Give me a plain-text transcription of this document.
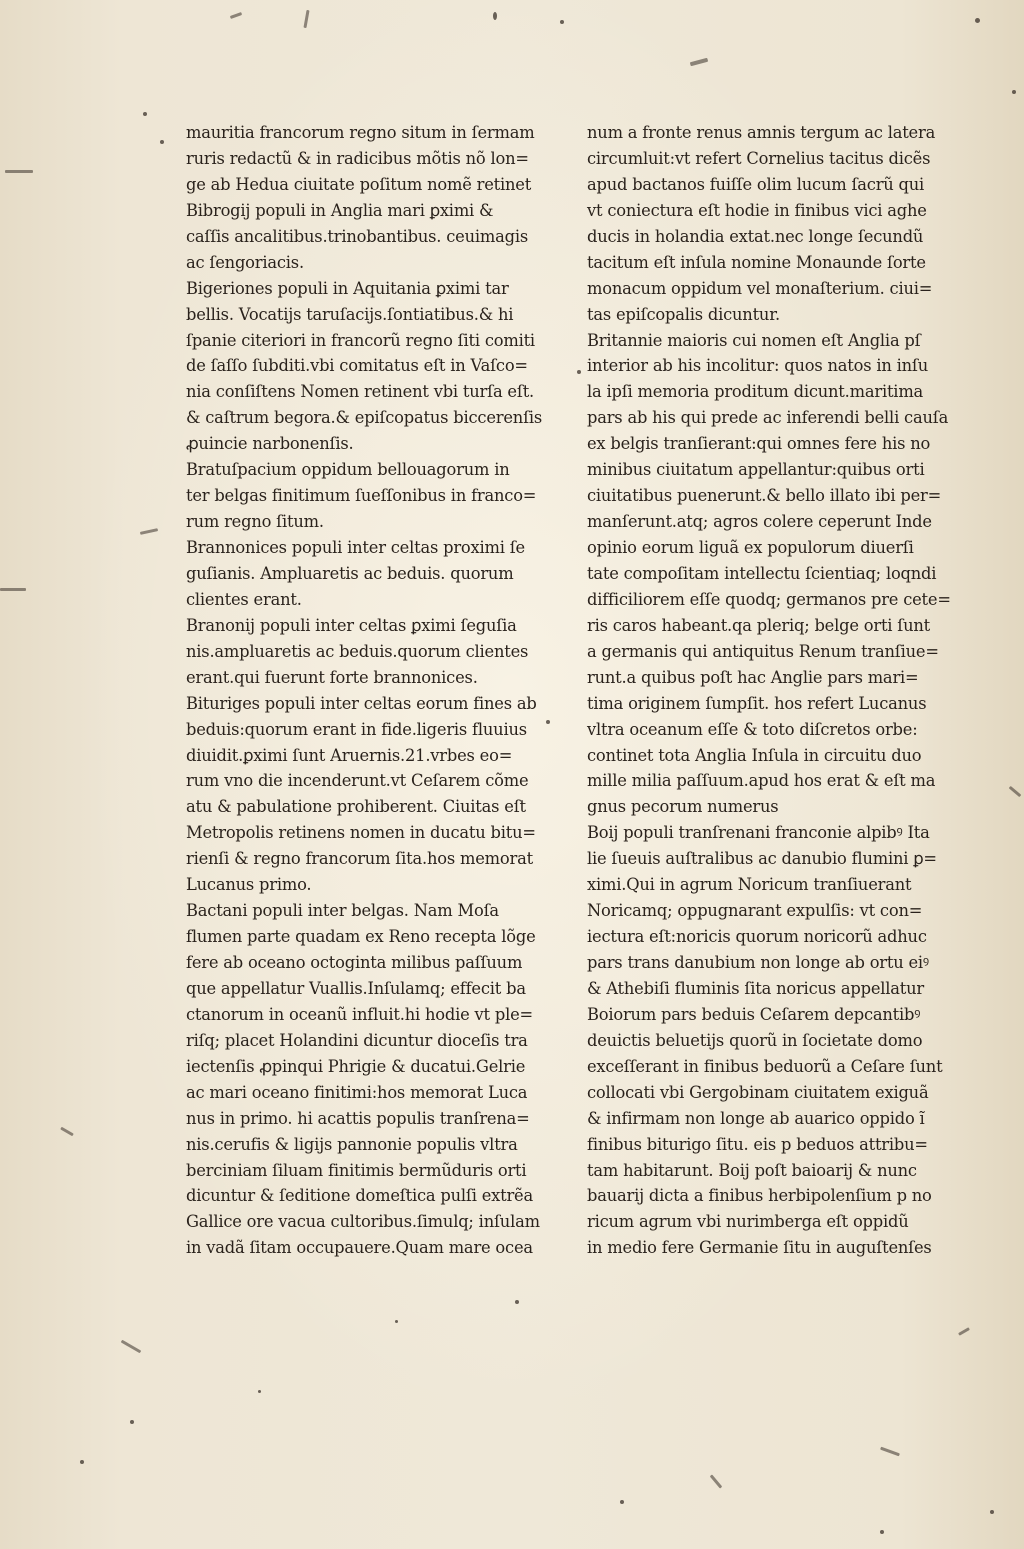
mauritia francorum regno situm in ſermam
ruris redactũ & in radicibus mõtis nõ lon=
ge ab Hedua ciuitate poſitum nomẽ retinet
Bibrogij populi in Anglia mari ꝑximi &
caſſis ancalitibus.trinobantibus. ceuimagis
ac ſengoriacis.
Bigeriones populi in Aquitania ꝑximi tar
bellis. Vocatijs taruſacijs.ſontiatibus.& hi
ſpanie citeriori in francorũ regno ſiti comiti
de ſaſſo ſubditi.vbi comitatus eſt in Vaſco=
nia conſiſtens Nomen retinent vbi turſa eſt.
& caſtrum begora.& epiſcopatus biccerenſis
ꝓuincie narbonenſis.
Bratuſpacium oppidum bellouagorum in
ter belgas finitimum ſueſſonibus in franco=
rum regno ſitum.
Brannonices populi inter celtas proximi ſe
guſianis. Ampluaretis ac beduis. quorum
clientes erant.
Branonij populi inter celtas ꝑximi ſeguſia
nis.ampluaretis ac beduis.quorum clientes
erant.qui fuerunt forte brannonices.
Bituriges populi inter celtas eorum fines ab
beduis:quorum erant in fide.ligeris fluuius
diuidit.ꝑximi ſunt Aruernis.21.vrbes eo=
rum vno die incenderunt.vt Ceſarem cõme
atu & pabulatione prohiberent. Ciuitas eſt
Metropolis retinens nomen in ducatu bitu=
rienſi & regno francorum ſita.hos memorat
Lucanus primo.
Bactani populi inter belgas. Nam Moſa
flumen parte quadam ex Reno recepta lõge
fere ab oceano octoginta milibus paſſuum
que appellatur Vuallis.Inſulamq; effecit ba
ctanorum in oceanũ influit.hi hodie vt ple=
riſq; placet Holandini dicuntur dioceſis tra
iectenſis ꝓpinqui Phrigie & ducatui.Gelrie
ac mari oceano finitimi:hos memorat Luca
nus in primo. hi acattis populis tranſrena=
nis.cerufis & ligijs pannonie populis vltra
berciniam ſiluam finitimis bermũduris orti
dicuntur & ſeditione domeſtica pulſi extrẽa
Gallice ore vacua cultoribus.ſimulq; inſulam
in vadã ſitam occupauere.Quam mare ocea
num a fronte renus amnis tergum ac latera
circumluit:vt refert Cornelius tacitus dicẽs
apud bactanos fuiſſe olim lucum ſacrũ qui
vt coniectura eſt hodie in finibus vici aghe
ducis in holandia extat.nec longe ſecundũ
tacitum eſt inſula nomine Monaunde ſorte
monacum oppidum vel monaſterium. ciui=
tas epiſcopalis dicuntur.
Britannie maioris cui nomen eſt Anglia pſ
interior ab his incolitur: quos natos in inſu
la ipſi memoria proditum dicunt.maritima
pars ab his qui prede ac inferendi belli cauſa
ex belgis tranſierant:qui omnes fere his no
minibus ciuitatum appellantur:quibus orti
ciuitatibus puenerunt.& bello illato ibi per=
manſerunt.atq; agros colere ceperunt Inde
opinio eorum liguã ex populorum diuerſi
tate compoſitam intellectu ſcientiaq; loqndi
difficiliorem eſſe quodq; germanos pre cete=
ris caros habeant.qa pleriq; belge orti ſunt
a germanis qui antiquitus Renum tranſiue=
runt.a quibus poſt hac Anglie pars mari=
tima originem ſumpſit. hos refert Lucanus
vltra oceanum eſſe & toto diſcretos orbe:
continet tota Anglia Inſula in circuitu duo
mille milia paſſuum.apud hos erat & eſt ma
gnus pecorum numerus
Boij populi tranſrenani franconie alpibꝰ Ita
lie ſueuis auſtralibus ac danubio flumini ꝑ=
ximi.Qui in agrum Noricum tranſiuerant
Noricamq; oppugnarant expulſis: vt con=
iectura eſt:noricis quorum noricorũ adhuc
pars trans danubium non longe ab ortu eiꝰ
& Athebiſi fluminis ſita noricus appellatur
Boiorum pars beduis Ceſarem depcantibꝰ
deuictis beluetijs quorũ in ſocietate domo
exceſſerant in finibus beduorũ a Ceſare ſunt
collocati vbi Gergobinam ciuitatem exiguã
& infirmam non longe ab auarico oppido ĩ
finibus biturigo ſitu. eis p beduos attribu=
tam habitarunt. Boij poſt baioarij & nunc
bauarij dicta a finibus herbipolenſium p no
ricum agrum vbi nurimberga eſt oppidũ
in medio fere Germanie ſitu in auguſtenſes
